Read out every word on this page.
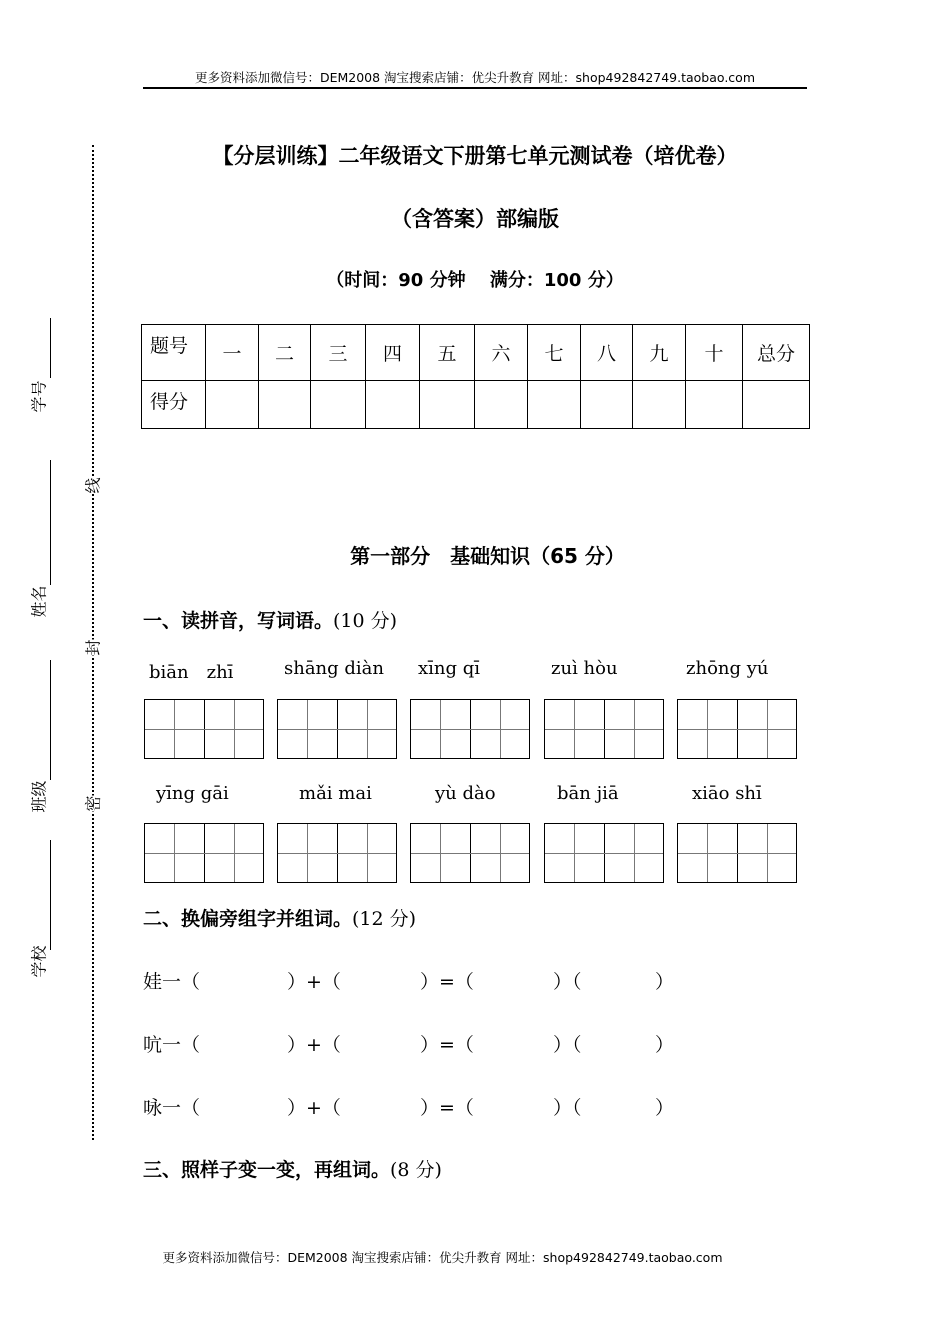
更多资料添加微信号：DEM2008 淘宝搜索店铺：优尖升教育 网址：shop492842749.taobao.com
学号
姓名
班级
学校
线
封
密
【分层训练】二年级语文下册第七单元测试卷（培优卷）
（含答案）部编版
（时间：90 分钟　 满分：100 分）
题号	一	二	三	四	五	六	七	八	九	十	总分
得分											
第一部分　基础知识（65 分）
一、读拼音，写词语。(10 分)
biān　zhī	shāng diàn xīng qī	zuì hòu	zhōng yú
yīng gāi	mǎi mai	yù dào	bān jiā	xiāo shī
二、换偏旁组字并组词。(12 分)
娃一（	）+（	）=（	）（	）
吭一（	）+（	）=（	）（	）
咏一（	）+（	）=（	）（	）
三、照样子变一变，再组词。(8 分)
更多资料添加微信号：DEM2008 淘宝搜索店铺：优尖升教育 网址：shop492842749.taobao.com
